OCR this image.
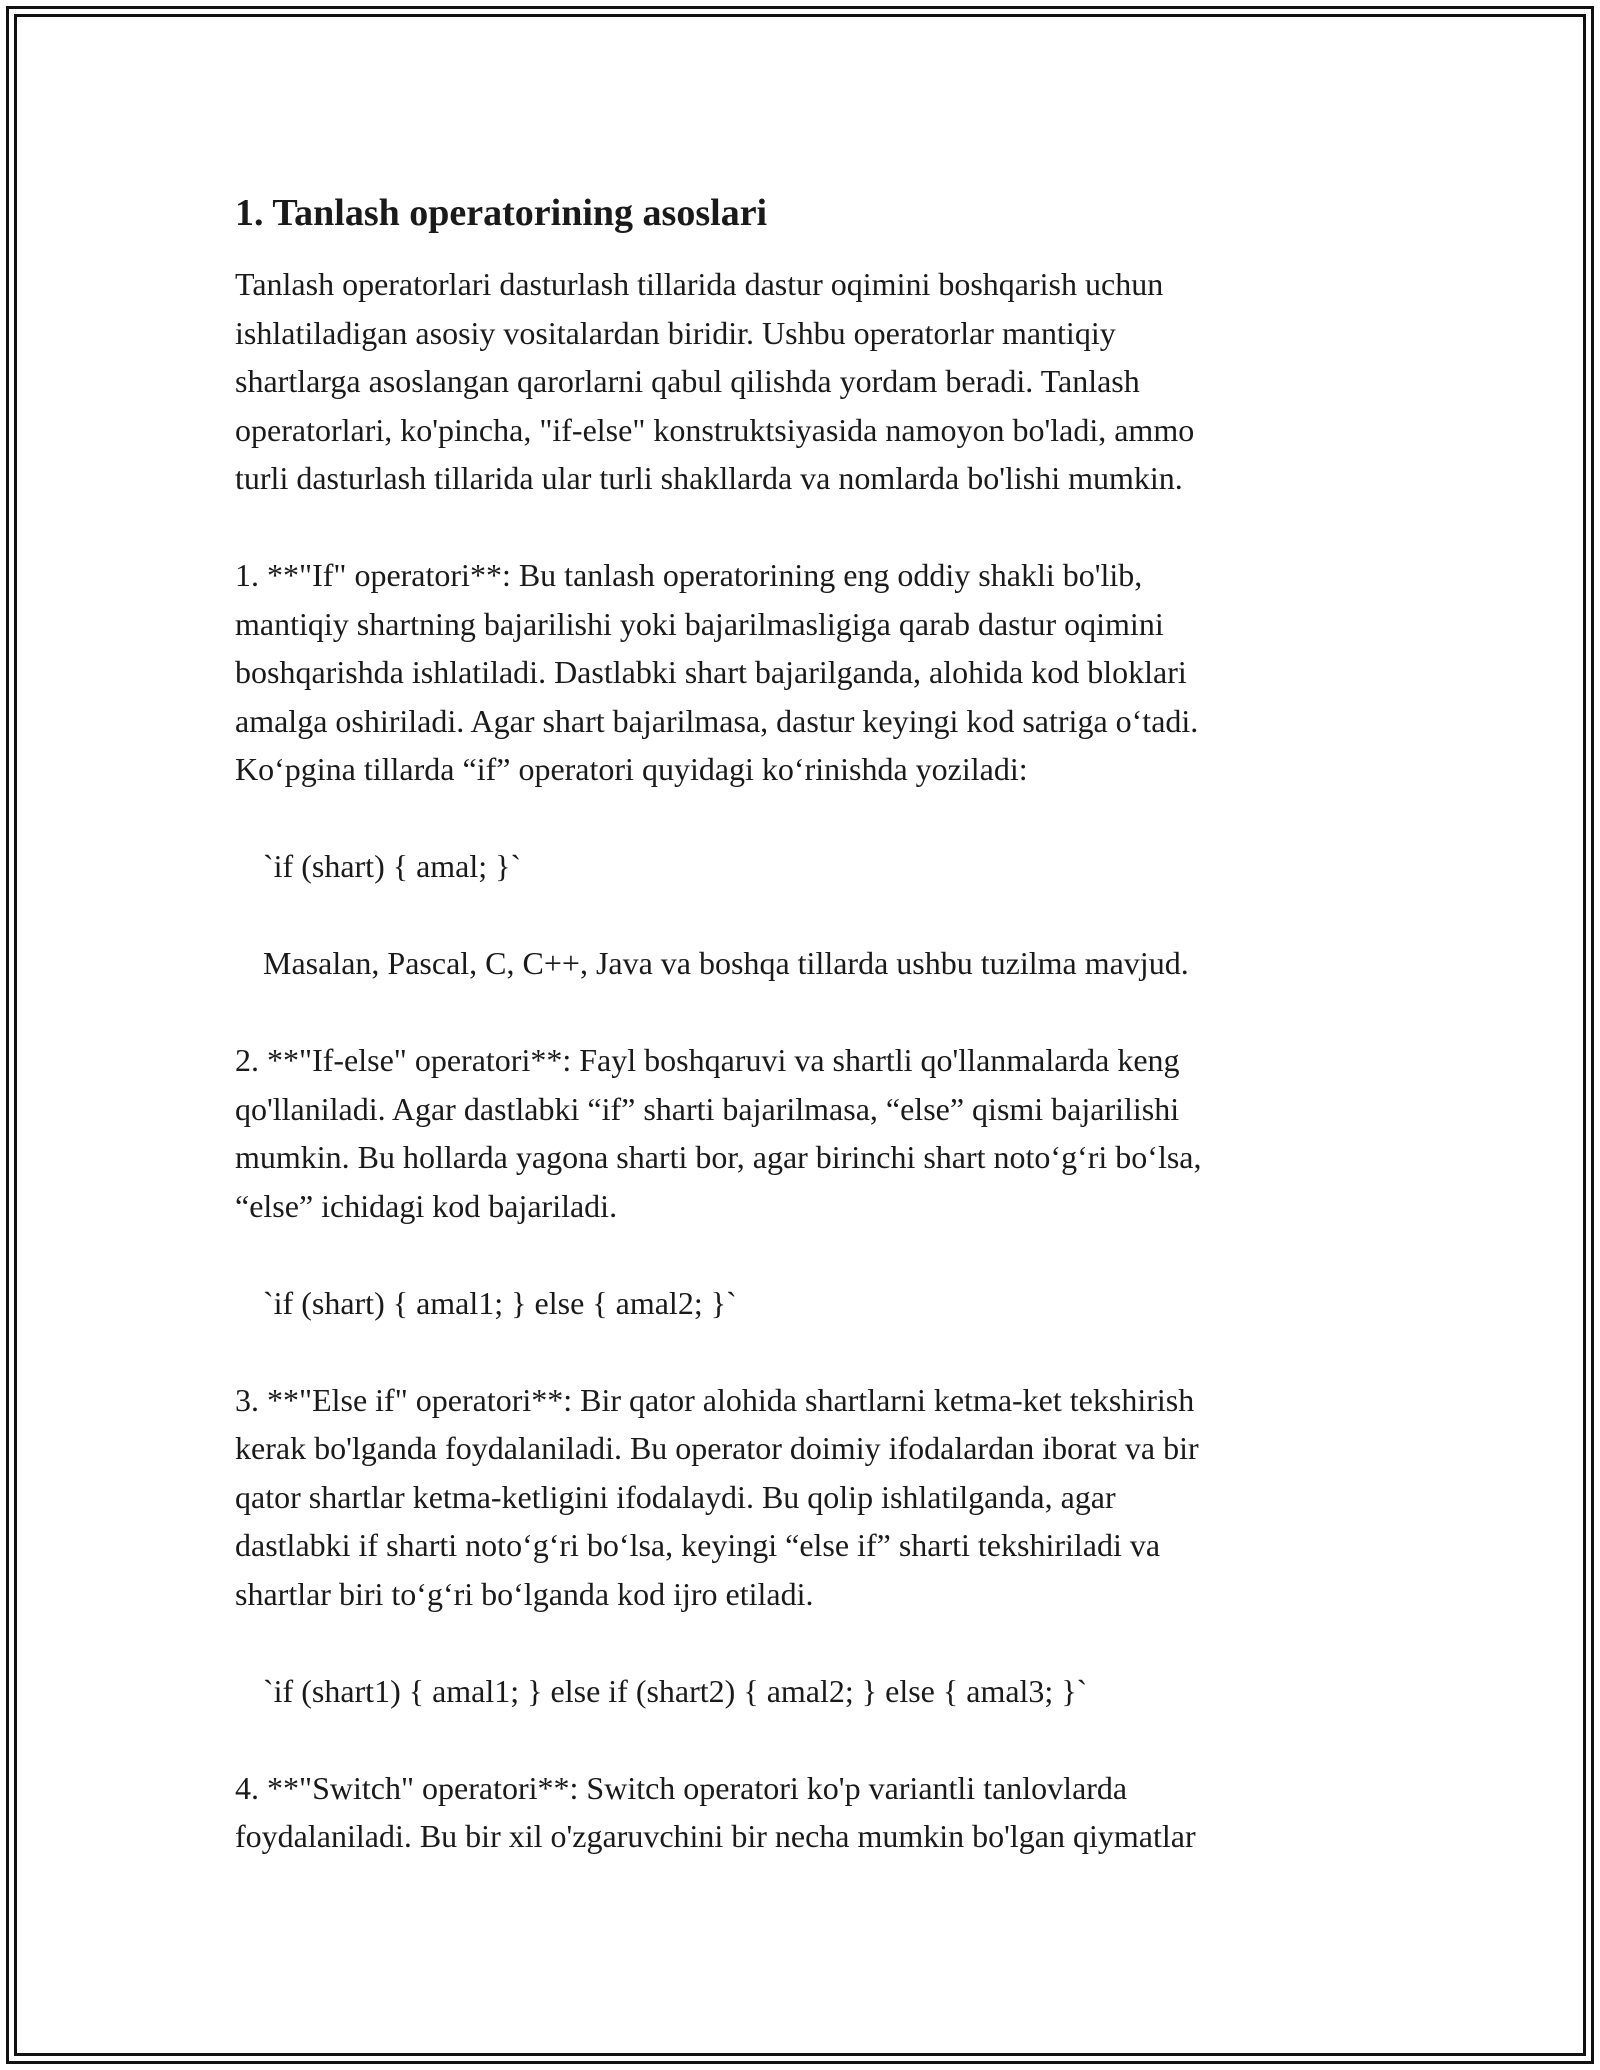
1. Tanlash operatorining asoslari

Tanlash operatorlari dasturlash tillarida dastur oqimini boshqarish uchun
ishlatiladigan asosiy vositalardan biridir. Ushbu operatorlar mantiqiy
shartlarga asoslangan qarorlarni qabul qilishda yordam beradi. Tanlash
operatorlari, ko'pincha, "if-else" konstruktsiyasida namoyon bo'ladi, ammo
turli dasturlash tillarida ular turli shakllarda va nomlarda bo'lishi mumkin.

1. **"If" operatori**: Bu tanlash operatorining eng oddiy shakli bo'lib,
mantiqiy shartning bajarilishi yoki bajarilmasligiga qarab dastur oqimini
boshqarishda ishlatiladi. Dastlabki shart bajarilganda, alohida kod bloklari
amalga oshiriladi. Agar shart bajarilmasa, dastur keyingi kod satriga o‘tadi.
Ko‘pgina tillarda “if” operatori quyidagi ko‘rinishda yoziladi:

`if (shart) { amal; }`

Masalan, Pascal, C, C++, Java va boshqa tillarda ushbu tuzilma mavjud.

2. **"If-else" operatori**: Fayl boshqaruvi va shartli qo'llanmalarda keng
qo'llaniladi. Agar dastlabki “if” sharti bajarilmasa, “else” qismi bajarilishi
mumkin. Bu hollarda yagona sharti bor, agar birinchi shart noto‘g‘ri bo‘lsa,
“else” ichidagi kod bajariladi.

`if (shart) { amal1; } else { amal2; }`

3. **"Else if" operatori**: Bir qator alohida shartlarni ketma-ket tekshirish
kerak bo'lganda foydalaniladi. Bu operator doimiy ifodalardan iborat va bir
qator shartlar ketma-ketligini ifodalaydi. Bu qolip ishlatilganda, agar
dastlabki if sharti noto‘g‘ri bo‘lsa, keyingi “else if” sharti tekshiriladi va
shartlar biri to‘g‘ri bo‘lganda kod ijro etiladi.

`if (shart1) { amal1; } else if (shart2) { amal2; } else { amal3; }`

4. **"Switch" operatori**: Switch operatori ko'p variantli tanlovlarda
foydalaniladi. Bu bir xil o'zgaruvchini bir necha mumkin bo'lgan qiymatlar
